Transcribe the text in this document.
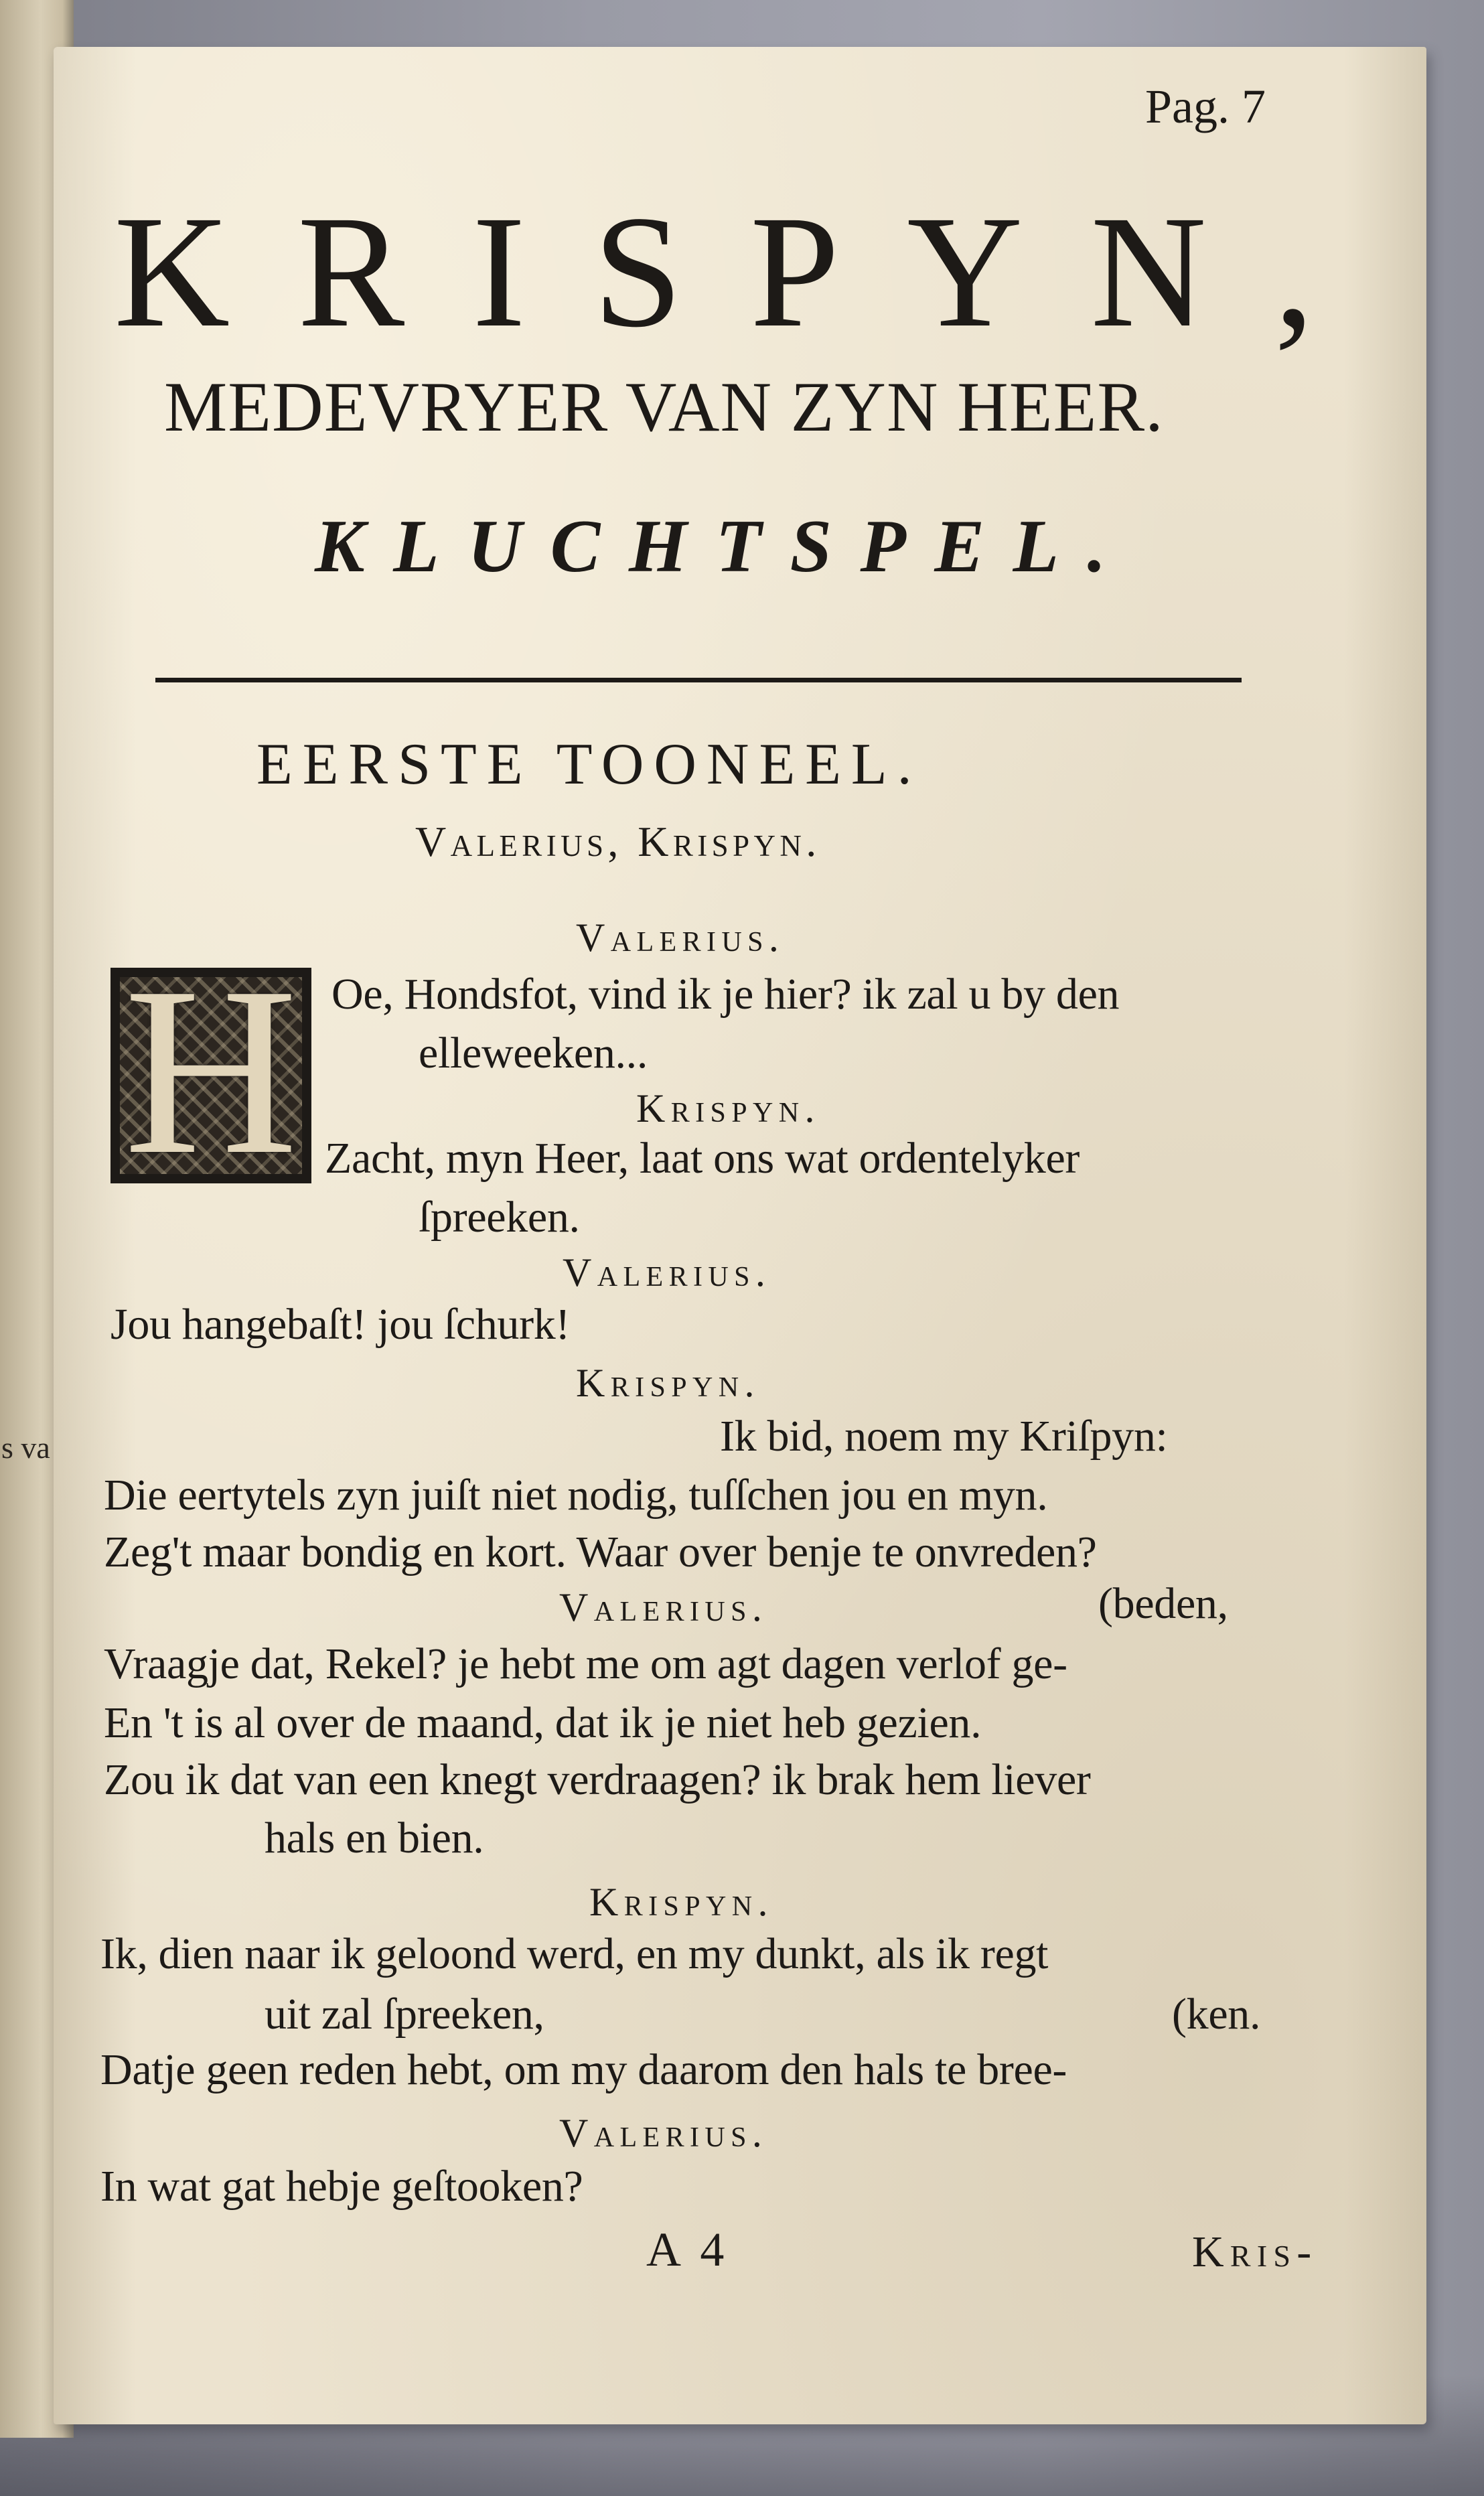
s va
Pag. 7
KRISPYN,
MEDEVRYER VAN ZYN HEER.
KLUCHTSPEL.
EERSTE TOONEEL.
Valerius, Krispyn.
H	Valerius.
Oe, Hondsfot, vind ik je hier? ik zal u by den
elleweeken...
Krispyn.
Zacht, myn Heer, laat ons wat ordentelyker
ſpreeken.
Valerius.
Jou hangebaſt! jou ſchurk!
Krispyn.
Ik bid, noem my Kriſpyn:
Die eertytels zyn juiſt niet nodig, tuſſchen jou en myn.
Zeg't maar bondig en kort. Waar over benje te onvreden?
Valerius.	(beden,
Vraagje dat, Rekel? je hebt me om agt dagen verlof ge-
En 't is al over de maand, dat ik je niet heb gezien.
Zou ik dat van een knegt verdraagen? ik brak hem liever
hals en bien.
Krispyn.
Ik, dien naar ik geloond werd, en my dunkt, als ik regt
uit zal ſpreeken,	(ken.
Datje geen reden hebt, om my daarom den hals te bree-
Valerius.
In wat gat hebje geſtooken?
A 4	Kris-
